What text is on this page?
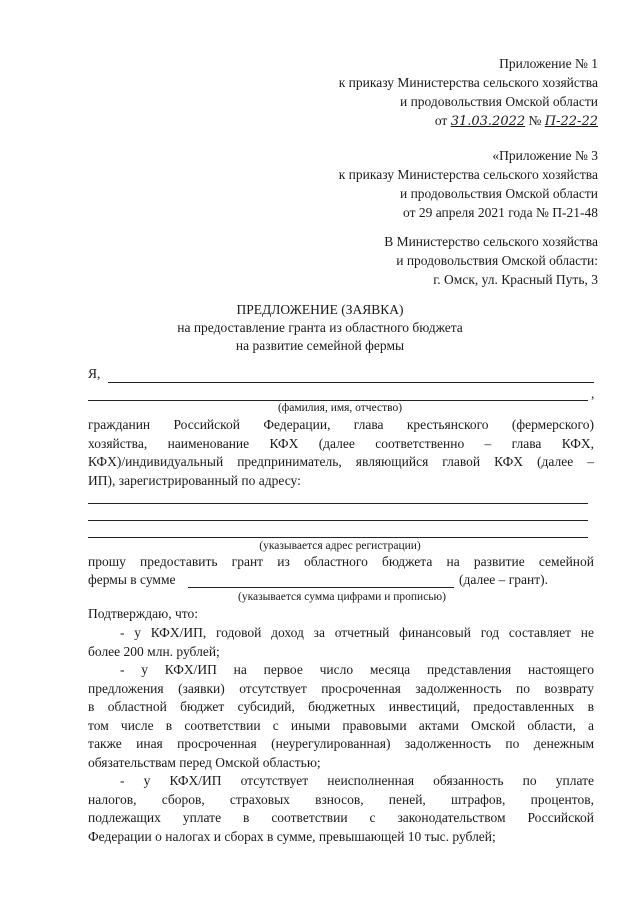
Приложение № 1
к приказу Министерства сельского хозяйства
и продовольствия Омской области
от 31.03.2022 № П-22-22
«Приложение № 3
к приказу Министерства сельского хозяйства
и продовольствия Омской области
от 29 апреля 2021 года № П-21-48
В Министерство сельского хозяйства
и продовольствия Омской области:
г. Омск, ул. Красный Путь, 3
ПРЕДЛОЖЕНИЕ (ЗАЯВКА)
на предоставление гранта из областного бюджета
на развитие семейной фермы
Я,
,
(фамилия, имя, отчество)
гражданин Российской Федерации, глава крестьянского (фермерского)
хозяйства, наименование КФХ (далее соответственно – глава КФХ,
КФХ)/индивидуальный предприниматель, являющийся главой КФХ (далее –
ИП), зарегистрированный по адресу:
(указывается адрес регистрации)
прошу предоставить грант из областного бюджета на развитие семейной
фермы в сумме	(далее – грант).
(указывается сумма цифрами и прописью)
Подтверждаю, что:
- у КФХ/ИП, годовой доход за отчетный финансовый год составляет не
более 200 млн. рублей;
- у КФХ/ИП на первое число месяца представления настоящего
предложения (заявки) отсутствует просроченная задолженность по возврату
в областной бюджет субсидий, бюджетных инвестиций, предоставленных в
том числе в соответствии с иными правовыми актами Омской области, а
также иная просроченная (неурегулированная) задолженность по денежным
обязательствам перед Омской областью;
- у КФХ/ИП отсутствует неисполненная обязанность по уплате
налогов, сборов, страховых взносов, пеней, штрафов, процентов,
подлежащих уплате в соответствии с законодательством Российской
Федерации о налогах и сборах в сумме, превышающей 10 тыс. рублей;
